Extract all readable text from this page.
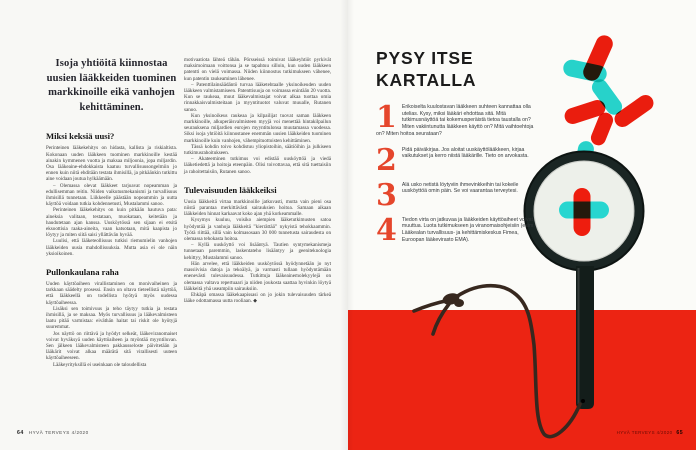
Isoja yhtiöitä kiinnostaa uusien lääkkeiden tuominen markkinoille eikä vanhojen kehittäminen.
Miksi keksiä uusi?

Perinteinen lääkekehitys on hidasta, kallista ja riskialtista. Kokonaan uuden lääkkeen tuominen markkinoille kestää ainakin kymmenen vuotta ja maksaa miljoonia, jopa miljardin. Osa lääkeaine-ehdokkaista kaatuu turvallisuusongelmiin jo ennen kuin niitä ehditään testata ihmisillä, ja pitkäänkin tutkittu aine voidaan joutua hylkäämään.

– Olemassa olevat lääkkeet tarjoavat nopeamman ja edullisemman reitin. Niiden vaikutusmekanismi ja turvallisuus ihmisillä tunnetaan. Liikkeelle päästään nopeammin ja uutta käyttöä voidaan tutkia kohdennetusti, Mustalammi sanoo.

Perinteinen lääkekehitys on kuin pitkään hautuva pata: aineksia valitaan, testataan, muokataan, keitetään ja haudutetaan ajan kanssa. Uusköytössä sen sijaan ei etsitä eksoottisia raaka-aineita, vaan katsotaan, mitä kaapista jo löytyy ja miten siitä saisi yllättävän hyvää.

Luulisi, että lääketeollisuus tutkisi riemumielin vanhojen lääkkeiden uusia mahdollisuuksia. Mutta asia ei ole näin yksioikoinen.

Pullonkaulana raha

Uuden käyttöaiheen virallistaminen on monivaiheinen ja tarkkaan säädelty prosessi. Ensin on oltava tieteellistä näyttöä, että lääkkeellä on todellista hyötyä myös uudessa käyttöaiheessa.

Lisäksi sen toimivuus ja teho täytyy tutkia ja testata ihmisillä, ja se maksaa. Myös turvallisuus ja lääkevalmisteen laatu pitää varmistaa: eiväthän haitat tai riskit ole hyötyjä suuremmat.

Jos näyttö on riittävä ja hyödyt selkeät, lääkeviranomaiset voivat hyväksyä uuden käyttöaiheen ja myöntää myyntiluvan. Sen jälkeen lääkevalmisteen pakkausseloste päivitetään ja lääkärit voivat alkaa määrätä sitä virallisesti uuteen käyttöaiheeseen.

Lääkeyrityksillä ei useinkaan ole taloudellista

motivaatiota lähteä tähän. Pörsseissä toimivat lääkeyhtiöt pyrkivät maksimoimaan voittonsa ja se tapahtuu silloin, kun uuden lääkkeen patentti on vielä voimassa. Niiden kiinnostus tutkimukseen vähenee, kun patentin raukeaminen lähenee.

– Patenttilainsäädäntö turvaa lääketehtaalle yksinoikeuden uuden lääkkeen valmistamiseen. Patenttisuoja on voimassa enintään 20 vuotta. Kun se raukeaa, muut lääkevalmistajat voivat alkaa tuottaa omia rinnakkaisvalmisteitaan ja myyntituotot valuvat muualle, Rutanen sanoo.

Kun yksinoikeus raukeaa ja kilpailijat tuovat saman lääkkeen markkinoille, alkuperäisvalmisteen myyjä voi menettää hintakilpailun seurauksena miljardien eurojen myyntitulonsa muutamassa vuodessa. Siksi isoja yhtiöitä kiinnostanee enemmän uusien lääkkeiden tuominen markkinoille kuin vanhojen, vähempituottoisten kehittäminen.

Tässä kohdin toivo kohdistuu yliopistoihin, säätiöihin ja julkiseen tutkimusrahoitukseen.

– Akateeminen tutkimus voi edistää uusköyttöä ja viedä lääketiedettä ja hoitoja eteenpäin. Olisi toivottavaa, että sitä tuettaisiin ja rahoitettaisiin, Rutanen sanoo.

Tulevaisuuden lääkkeiksi

Uusia lääkkeitä virtaa markkinoille jatkuvasti, mutta vain pieni osa niistä parantaa merkittävästi sairauksien hoitoa. Samaan aikaan lääkkeiden hinnat karkaavat koko ajan yhä korkeammalle.

Kysymys kuuluu, voisiko aiempien lääketutkimusten satoa hyödyntää ja vanhoja lääkkeitä ”kierrättää” nykyistä tehokkaammin. Työtä riittää, sillä vain kolmasosaan 30 000 tunnetusta sairaudesta on olemassa tehokasta hoitoa.

– Kyllä uusköyttö voi lisääntyä. Tautien syntymekanismeja tunnetaan paremmin, laskentateho lisääntyy ja geeniteknologia kehittyy, Mustalammi sanoo.

Hän arvelee, että lääkkeiden uusköytössä hyödynnetään jo nyt massiivisia datoja ja tekoälyä, ja varmasti tullaan hyödyntämään enenevästi tulevaisuudessa. Tutkittuja lääkeainemolekyylejä on olemassa valtava repertuaari ja niiden joukosta saattaa hyvinkin löytyä lääkkeitä yhä useampiin sairauksiin.

Ehkäpä omassa lääkekaapissasi on jo jokin tulevaisuuden tärkeä lääke odottamassa uutta rooliaan. ◆

64 HYVÄ TERVEYS 4/2020
PYSY ITSE
KARTALLA
1 Erikoiselta kuulostavan lääkkeen suhteen kannattaa olla utelias. Kysy, miksi lääkäri ehdottaa sitä. Mitä tutkimusnäyttöä tai kokemusperäistä tietoa taustalla on? Miten vakiintunutta lääkkeen käyttö on? Mitä vaihtoehtoja on? Miten hoitoa seurataan?

2 Pidä päiväkirjaa. Jos aloitat uuskäyttölääkkeen, kirjaa vaikutukset ja kerro niistä lääkärille. Tieto on arvokasta.

3 Älä usko netistä löytyviin ihmevinkkeihin tai kokeile uusköyttöä omin päin. Se voi vaarantaa terveytesi.

4 Tiedon virta on jatkuvaa ja lääkkeiden käyttöaiheet voivat muuttua. Luota tutkimukseen ja viranomaisohjeisiin (esim. Lääkealan turvallisuus- ja kehittämiskeskus Fimea, Euroopan lääkevirasto EMA).

HYVÄ TERVEYS 4/2020 65
